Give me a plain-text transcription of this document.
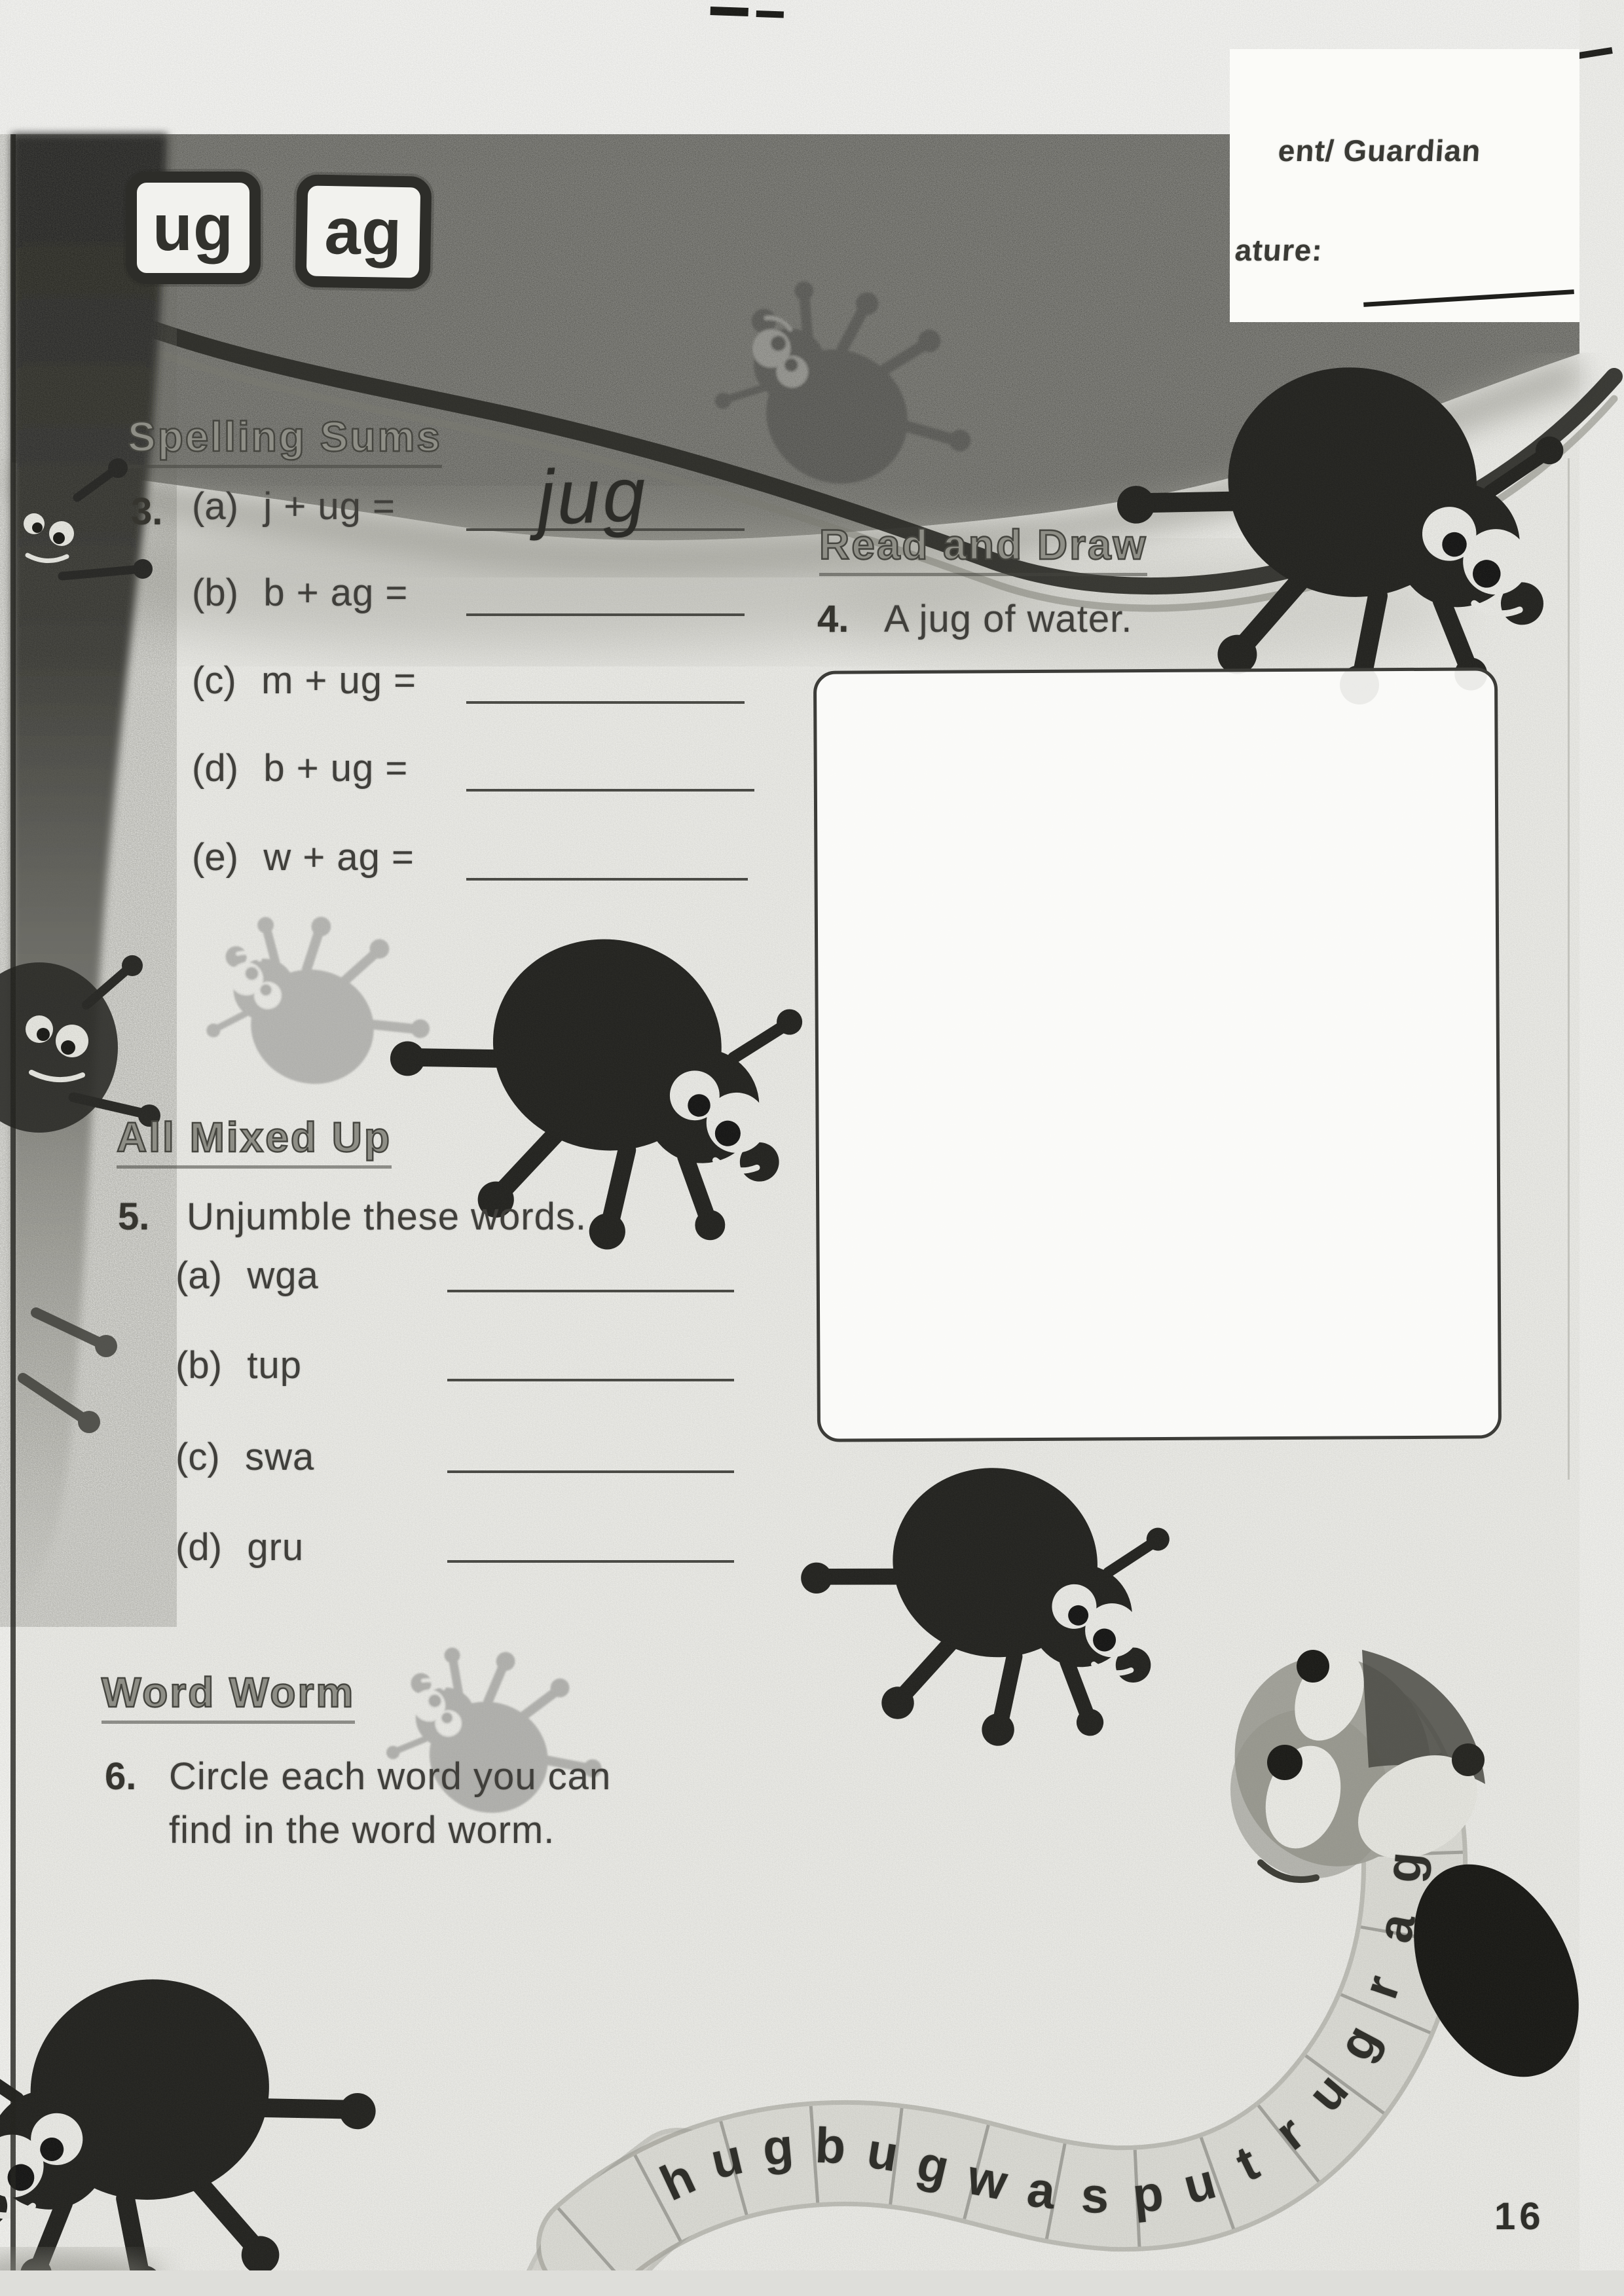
ug ag
ent/ Guardian
ature:
Spelling Sums
3. (a) j + ug = jug
(b) b + ag =
(c) m + ug =
(d) b + ug =
(e) w + ag =
Read and Draw
4. A jug of water.
All Mixed Up
5. Unjumble these words.
(a) wga
(b) tup
(c) swa
(d) gru
Word Worm
6. Circle each word you can
find in the word worm.
h u g b u g w a s p u t
r
u
g
r
a
g
16
